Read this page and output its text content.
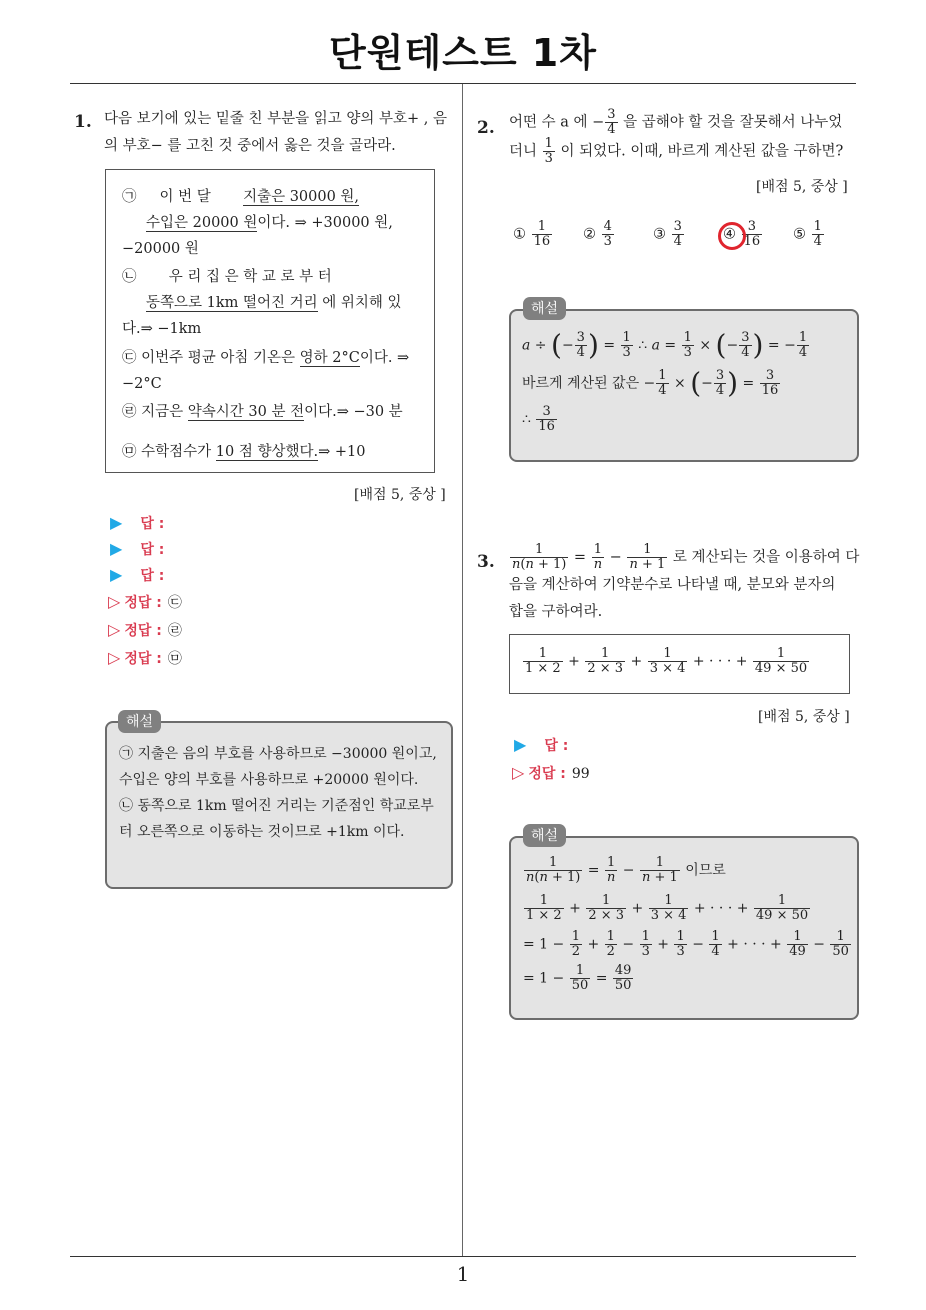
단원테스트 1차
1
1. 다음 보기에 있는 밑줄 친 부분을 읽고 양의 부호+ , 음의 부호− 를 고친 것 중에서 옳은 것을 골라라.
㉠ 이 번 달       지출은 30000 원,
수입은 20000 원이다. ⇒ +30000 원, −20000 원
㉡ 우 리 집 은 학 교 로 부 터
동쪽으로 1km 떨어진 거리 에 위치해 있다.⇒ −1km
㉢ 이번주 평균 아침 기온은 영하 2°C이다. ⇒ −2°C
㉣ 지금은 약속시간 30 분 전이다.⇒ −30 분
㉤ 수학점수가 10 점 향상했다.⇒ +10
[배점 5, 중상 ]
▶ 답 :
▶ 답 :
▶ 답 :
▷ 정답 : ㉢
▷ 정답 : ㉣
▷ 정답 : ㉤
㉠ 지출은 음의 부호를 사용하므로 −30000 원이고, 수입은 양의 부호를 사용하므로 +20000 원이다.
㉡ 동쪽으로 1km 떨어진 거리는 기준점인 학교로부터 오른쪽으로 이동하는 것이므로 +1km 이다.
해설
2. 어떤 수 a 에 − $\frac{3}{4}$ 을 곱해야 할 것을 잘못해서 나누었
더니 $\frac{1}{3}$ 이 되었다. 이때, 바르게 계산된 값을 구하면?
[배점 5, 중상 ]
① $\frac{1}{16}$ ② $\frac{4}{3}$	③ $\frac{3}{4}$	④ $\frac{3}{16}$ ⑤ $\frac{1}{4}$
a ÷ (− $\frac{3}{4}$ ) = $\frac{1}{3}$ ∴ $a = \frac{1}{3}$ × (− $\frac{3}{4}$ ) = − $\frac{1}{4}$
바르게 계산된 값은 − $\frac{1}{4}$ × (− $\frac{3}{4}$ ) = $\frac{3}{16}$
∴ $\frac{3}{16}$
해설
3. $\frac{1}{n(n + 1)} = \frac{1}{n} - \frac{1}{n + 1}$ 로 계산되는 것을 이용하여 다
음을 계산하여 기약분수로 나타낼 때, 분모와 분자의
합을 구하여라.
$\frac{1}{1 \times 2} + \frac{1}{2 \times 3} + \frac{1}{3 \times 4}$ + · · · + $\frac{1}{49 \times 50}$
[배점 5, 중상 ]
▶ 답 :
▷ 정답 : 99
$\frac{1}{n(n + 1)} = \frac{1}{n} - \frac{1}{n + 1}$ 이므로
$\frac{1}{1 \times 2} + \frac{1}{2 \times 3} + \frac{1}{3 \times 4}$ + · · · + $\frac{1}{49 \times 50}$
= $1 - \frac{1}{2} + \frac{1}{2} - \frac{1}{3} + \frac{1}{3} - \frac{1}{4}$ + · · · + $\frac{1}{49} - \frac{1}{50}$
= $1 - \frac{1}{50} = \frac{49}{50}$
해설
